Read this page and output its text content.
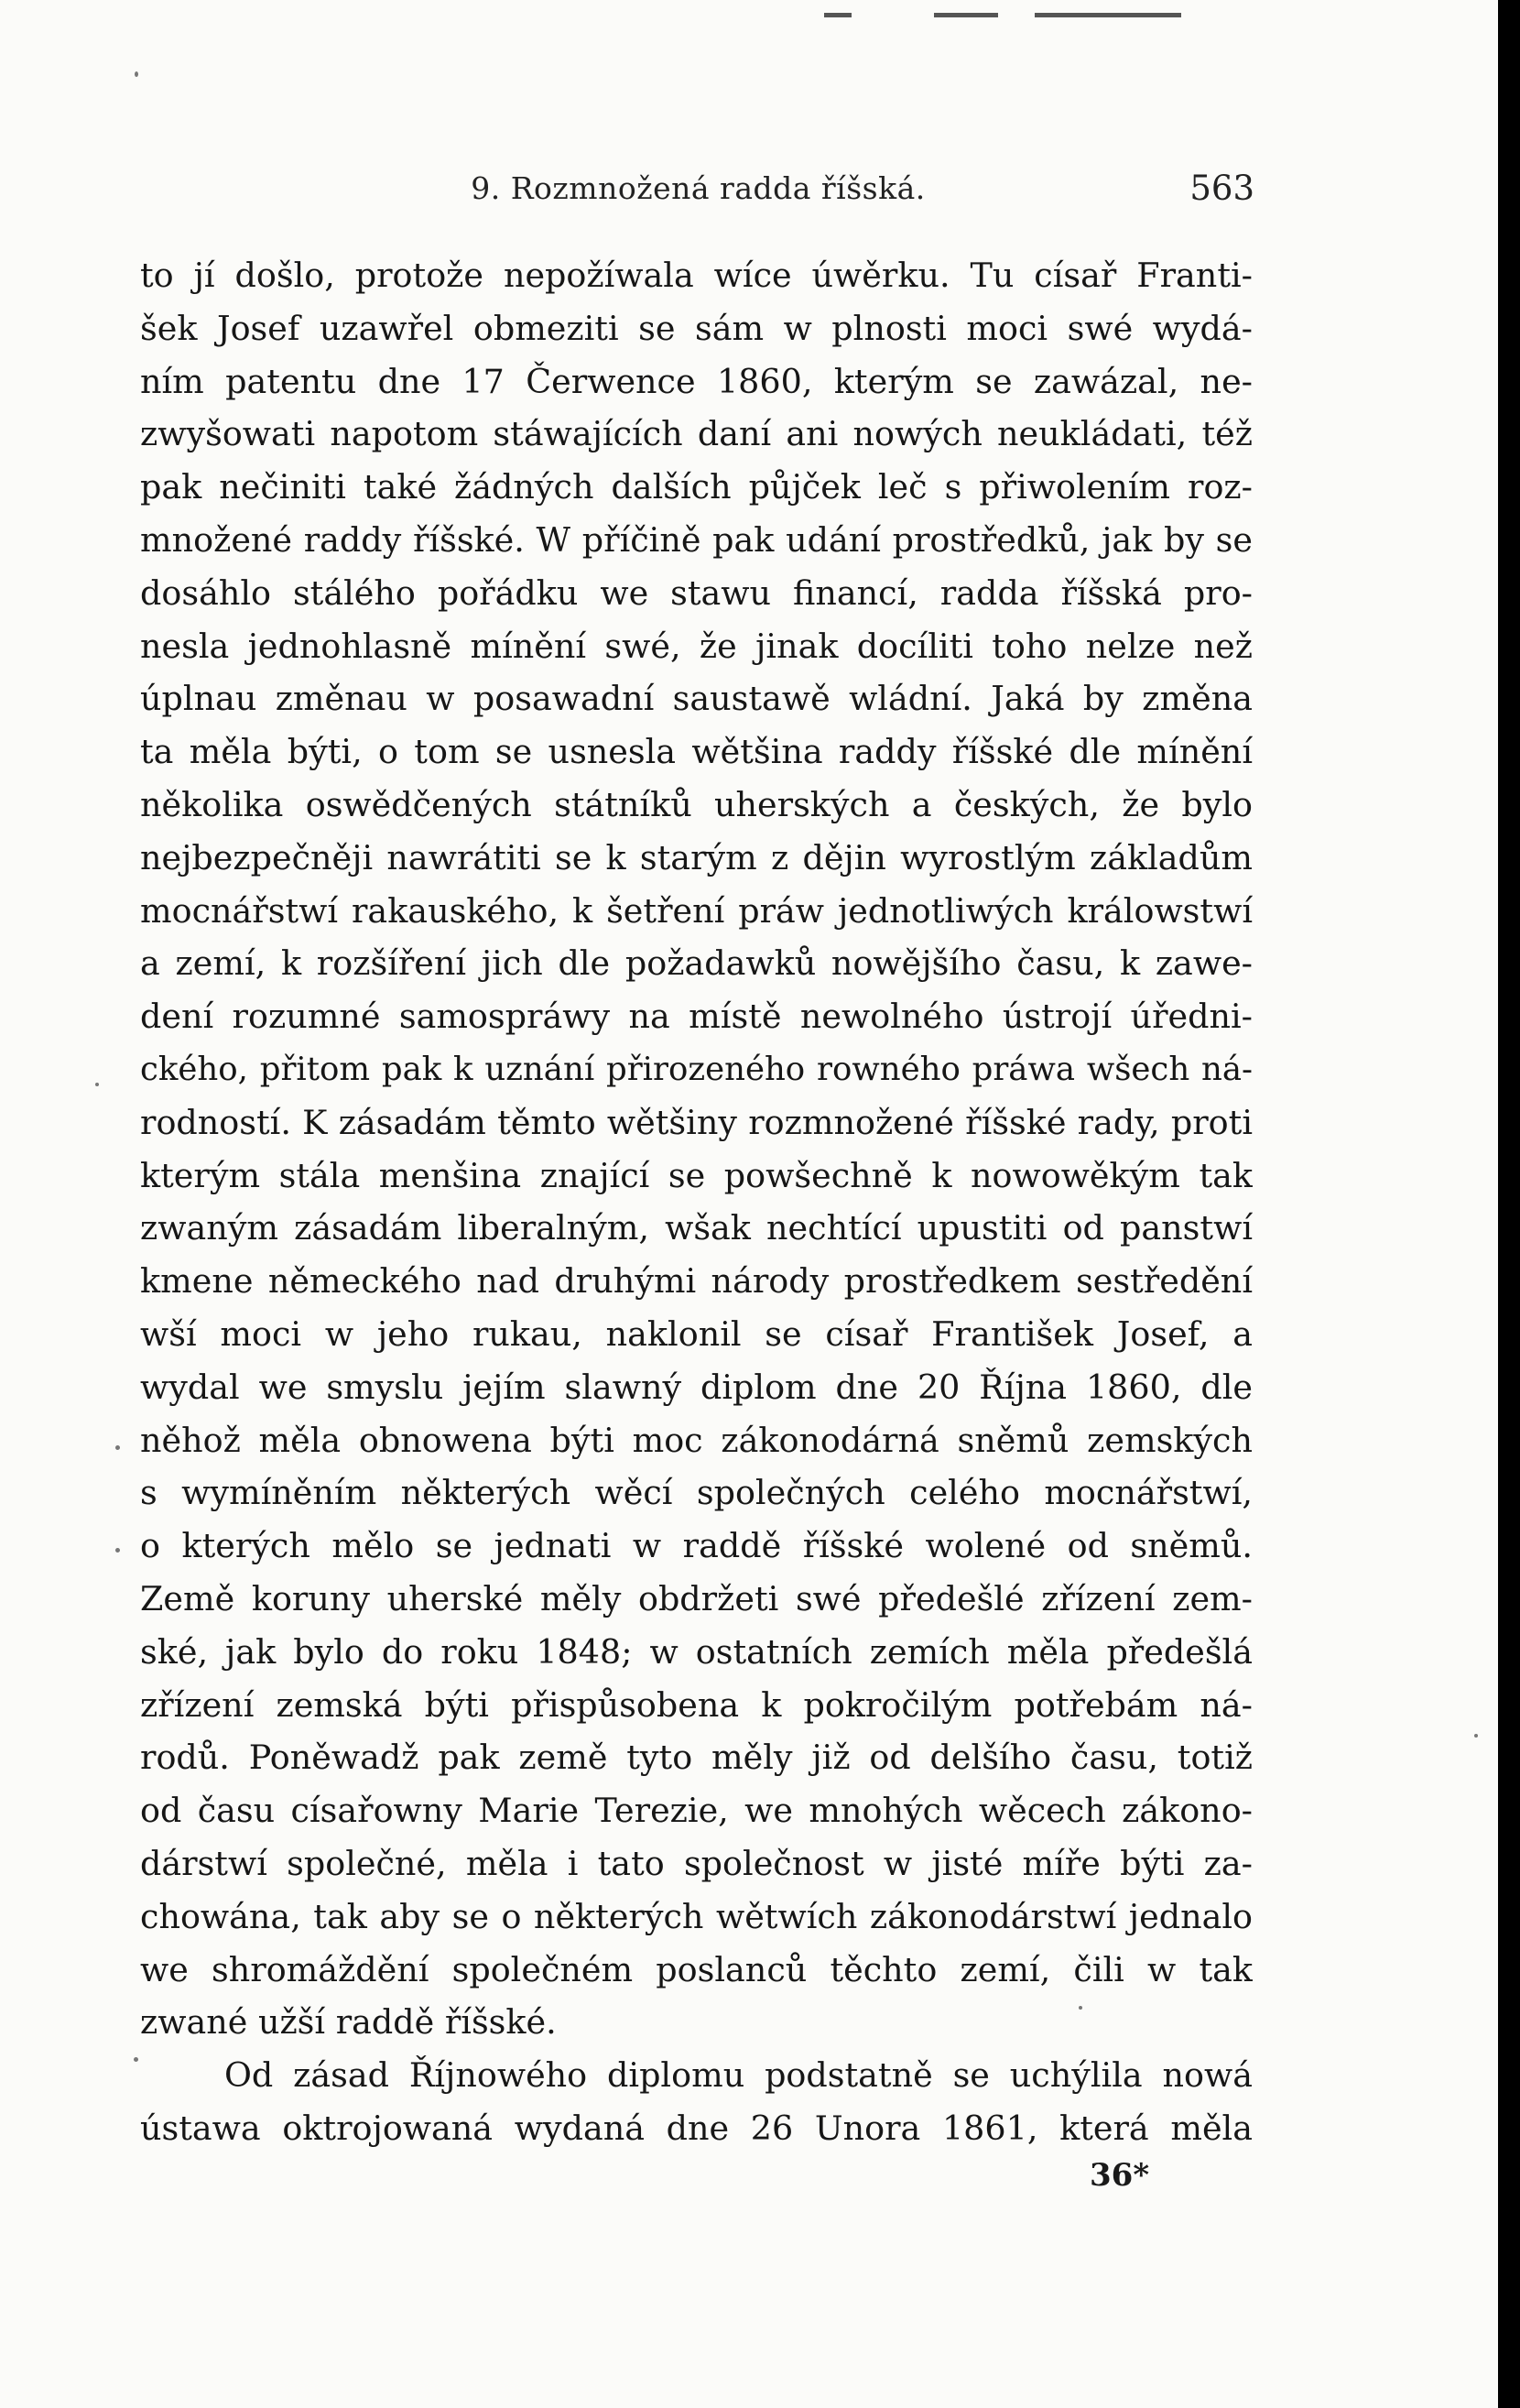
9. Rozmnožená radda říšská.	563
to jí došlo, protože nepožíwala wíce úwěrku. Tu císař Franti-
šek Josef uzawřel obmeziti se sám w plnosti moci swé wydá-
ním patentu dne 17 Čerwence 1860, kterým se zawázal, ne-
zwyšowati napotom stáwajících daní ani nowých neukládati, též
pak nečiniti také žádných dalších půjček leč s přiwolením roz-
množené raddy říšské. W příčině pak udání prostředků, jak by se
dosáhlo stálého pořádku we stawu financí, radda říšská pro-
nesla jednohlasně mínění swé, že jinak docíliti toho nelze než
úplnau změnau w posawadní saustawě wládní. Jaká by změna
ta měla býti, o tom se usnesla wětšina raddy říšské dle mínění
několika oswědčených státníků uherských a českých, že bylo
nejbezpečněji nawrátiti se k starým z dějin wyrostlým základům
mocnářstwí rakauského, k šetření práw jednotliwých králowstwí
a zemí, k rozšíření jich dle požadawků nowějšího času, k zawe-
dení rozumné samospráwy na místě newolného ústrojí úředni-
ckého, přitom pak k uznání přirozeného rowného práwa wšech ná-
rodností. K zásadám těmto wětšiny rozmnožené říšské rady, proti
kterým stála menšina znající se powšechně k nowowěkým tak
zwaným zásadám liberalným, wšak nechtící upustiti od panstwí
kmene německého nad druhými národy prostředkem sestředění
wší moci w jeho rukau, naklonil se císař František Josef, a
wydal we smyslu jejím slawný diplom dne 20 Října 1860, dle
něhož měla obnowena býti moc zákonodárná sněmů zemských
s wymíněním některých wěcí společných celého mocnářstwí,
o kterých mělo se jednati w raddě říšské wolené od sněmů.
Země koruny uherské měly obdržeti swé předešlé zřízení zem-
ské, jak bylo do roku 1848; w ostatních zemích měla předešlá
zřízení zemská býti přispůsobena k pokročilým potřebám ná-
rodů. Poněwadž pak země tyto měly již od delšího času, totiž
od času císařowny Marie Terezie, we mnohých wěcech zákono-
dárstwí společné, měla i tato společnost w jisté míře býti za-
chowána, tak aby se o některých wětwích zákonodárstwí jednalo
we shromáždění společném poslanců těchto zemí, čili w tak
zwané užší raddě říšské.
Od zásad Říjnowého diplomu podstatně se uchýlila nowá
ústawa oktrojowaná wydaná dne 26 Unora 1861, která měla
36*
